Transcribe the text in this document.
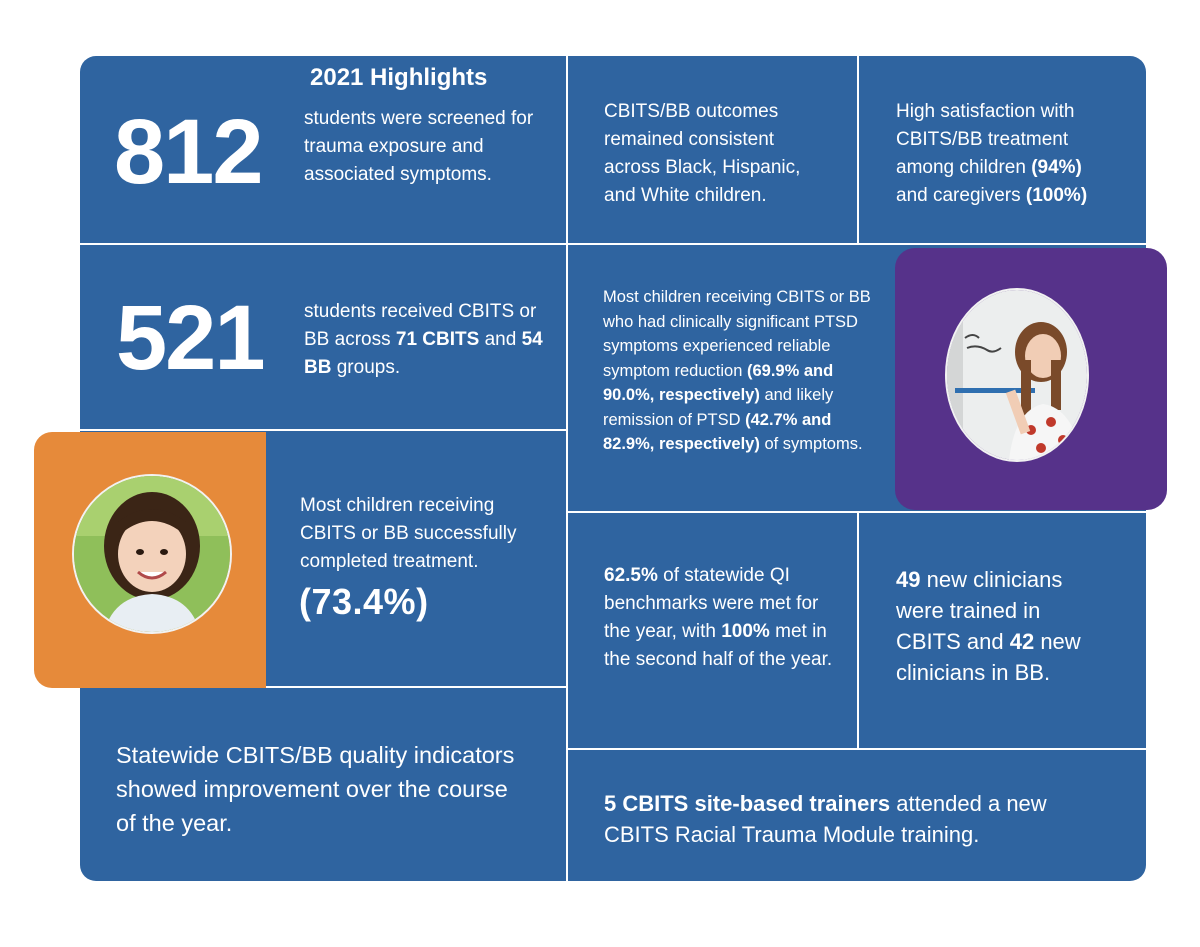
2021 Highlights
812 students were screened for trauma exposure and associated symptoms.
CBITS/BB outcomes remained consistent across Black, Hispanic, and White children.
High satisfaction with CBITS/BB treatment among children (94%) and caregivers (100%)
521 students received CBITS or BB across 71 CBITS and 54 BB groups.
Most children receiving CBITS or BB who had clinically significant PTSD symptoms experienced reliable symptom reduction (69.9% and 90.0%, respectively) and likely remission of PTSD (42.7% and 82.9%, respectively) of symptoms.
Most children receiving CBITS or BB successfully completed treatment.
(73.4%)
62.5% of statewide QI benchmarks were met for the year, with 100% met in the second half of the year.
49 new clinicians were trained in CBITS and 42 new clinicians in BB.
Statewide CBITS/BB quality indicators showed improvement over the course of the year.
5 CBITS site-based trainers attended a new CBITS Racial Trauma Module training.
